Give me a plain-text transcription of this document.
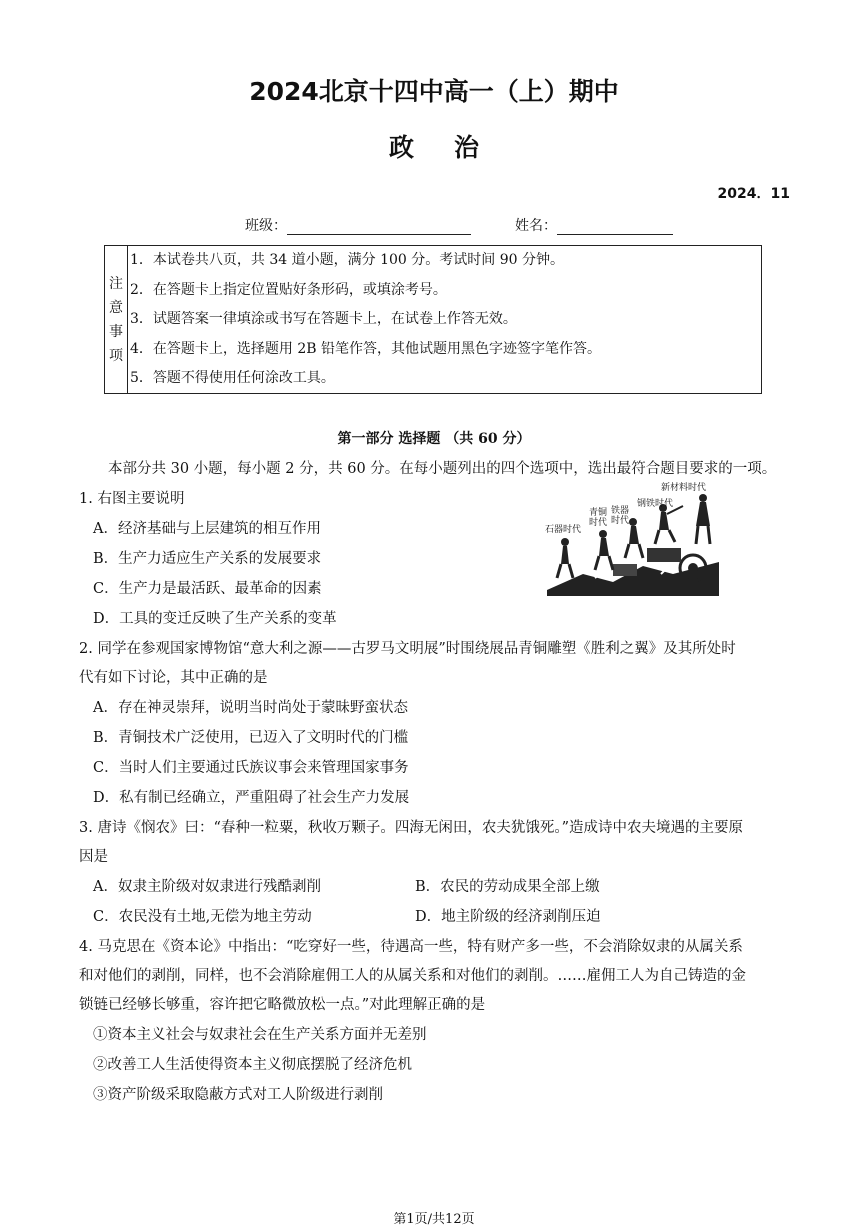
2024北京十四中高一（上）期中
政治
2024．11
班级：	姓名：
注
意
事
项
1．本试卷共八页，共 34 道小题，满分 100 分。考试时间 90 分钟。
2．在答题卡上指定位置贴好条形码，或填涂考号。
3．试题答案一律填涂或书写在答题卡上，在试卷上作答无效。
4．在答题卡上，选择题用 2B 铅笔作答，其他试题用黑色字迹签字笔作答。
5．答题不得使用任何涂改工具。
第一部分 选择题 （共 60 分）
本部分共 30 小题，每小题 2 分，共 60 分。在每小题列出的四个选项中，选出最符合题目要求的一项。
1. 右图主要说明
A．经济基础与上层建筑的相互作用
B．生产力适应生产关系的发展要求
C．生产力是最活跃、最革命的因素
D．工具的变迁反映了生产关系的变革
新材料时代
钢铁时代
铁器时代
青铜时代
石器时代
2. 同学在参观国家博物馆“意大利之源——古罗马文明展”时围绕展品青铜雕塑《胜利之翼》及其所处时
代有如下讨论，其中正确的是
A．存在神灵崇拜，说明当时尚处于蒙昧野蛮状态
B．青铜技术广泛使用，已迈入了文明时代的门槛
C．当时人们主要通过氏族议事会来管理国家事务
D．私有制已经确立，严重阻碍了社会生产力发展
3. 唐诗《悯农》曰：“春种一粒粟，秋收万颗子。四海无闲田，农夫犹饿死。”造成诗中农夫境遇的主要原
因是
A．奴隶主阶级对奴隶进行残酷剥削	B．农民的劳动成果全部上缴
C．农民没有土地,无偿为地主劳动	D．地主阶级的经济剥削压迫
4. 马克思在《资本论》中指出：“吃穿好一些，待遇高一些，特有财产多一些，不会消除奴隶的从属关系
和对他们的剥削，同样，也不会消除雇佣工人的从属关系和对他们的剥削。……雇佣工人为自己铸造的金
锁链已经够长够重，容许把它略微放松一点。”对此理解正确的是
①资本主义社会与奴隶社会在生产关系方面并无差别
②改善工人生活使得资本主义彻底摆脱了经济危机
③资产阶级采取隐蔽方式对工人阶级进行剥削
第1页/共12页
